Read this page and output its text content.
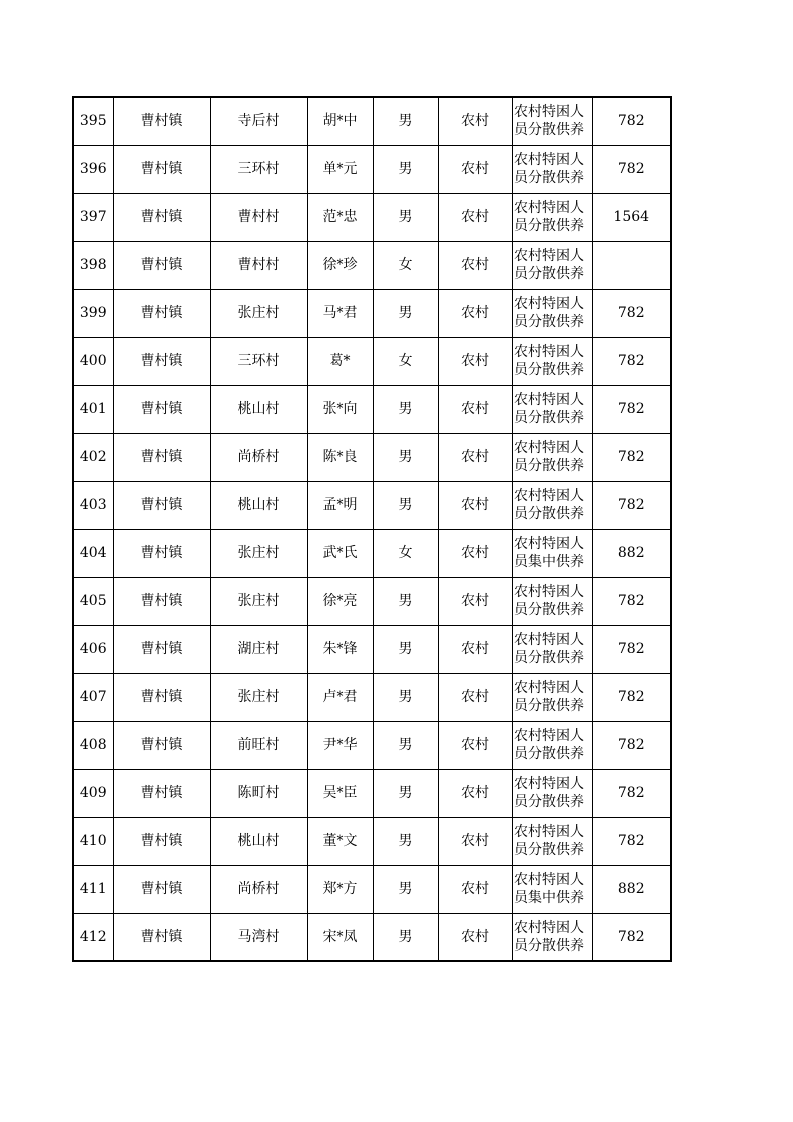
395	曹村镇	寺后村	胡*中	男	农村	农村特困人员分散供养	782
396	曹村镇	三环村	单*元	男	农村	农村特困人员分散供养	782
397	曹村镇	曹村村	范*忠	男	农村	农村特困人员分散供养	1564
398	曹村镇	曹村村	徐*珍	女	农村	农村特困人员分散供养	

399	曹村镇	张庄村	马*君	男	农村	农村特困人员分散供养	782
400	曹村镇	三环村	葛*	女	农村	农村特困人员分散供养	782
401	曹村镇	桃山村	张*向	男	农村	农村特困人员分散供养	782
402	曹村镇	尚桥村	陈*良	男	农村	农村特困人员分散供养	782
403	曹村镇	桃山村	孟*明	男	农村	农村特困人员分散供养	782
404	曹村镇	张庄村	武*氏	女	农村	农村特困人员集中供养	882
405	曹村镇	张庄村	徐*亮	男	农村	农村特困人员分散供养	782
406	曹村镇	湖庄村	朱*锋	男	农村	农村特困人员分散供养	782
407	曹村镇	张庄村	卢*君	男	农村	农村特困人员分散供养	782
408	曹村镇	前旺村	尹*华	男	农村	农村特困人员分散供养	782
409	曹村镇	陈町村	吴*臣	男	农村	农村特困人员分散供养	782
410	曹村镇	桃山村	董*文	男	农村	农村特困人员分散供养	782
411	曹村镇	尚桥村	郑*方	男	农村	农村特困人员集中供养	882
412	曹村镇	马湾村	宋*凤	男	农村	农村特困人员分散供养	782
